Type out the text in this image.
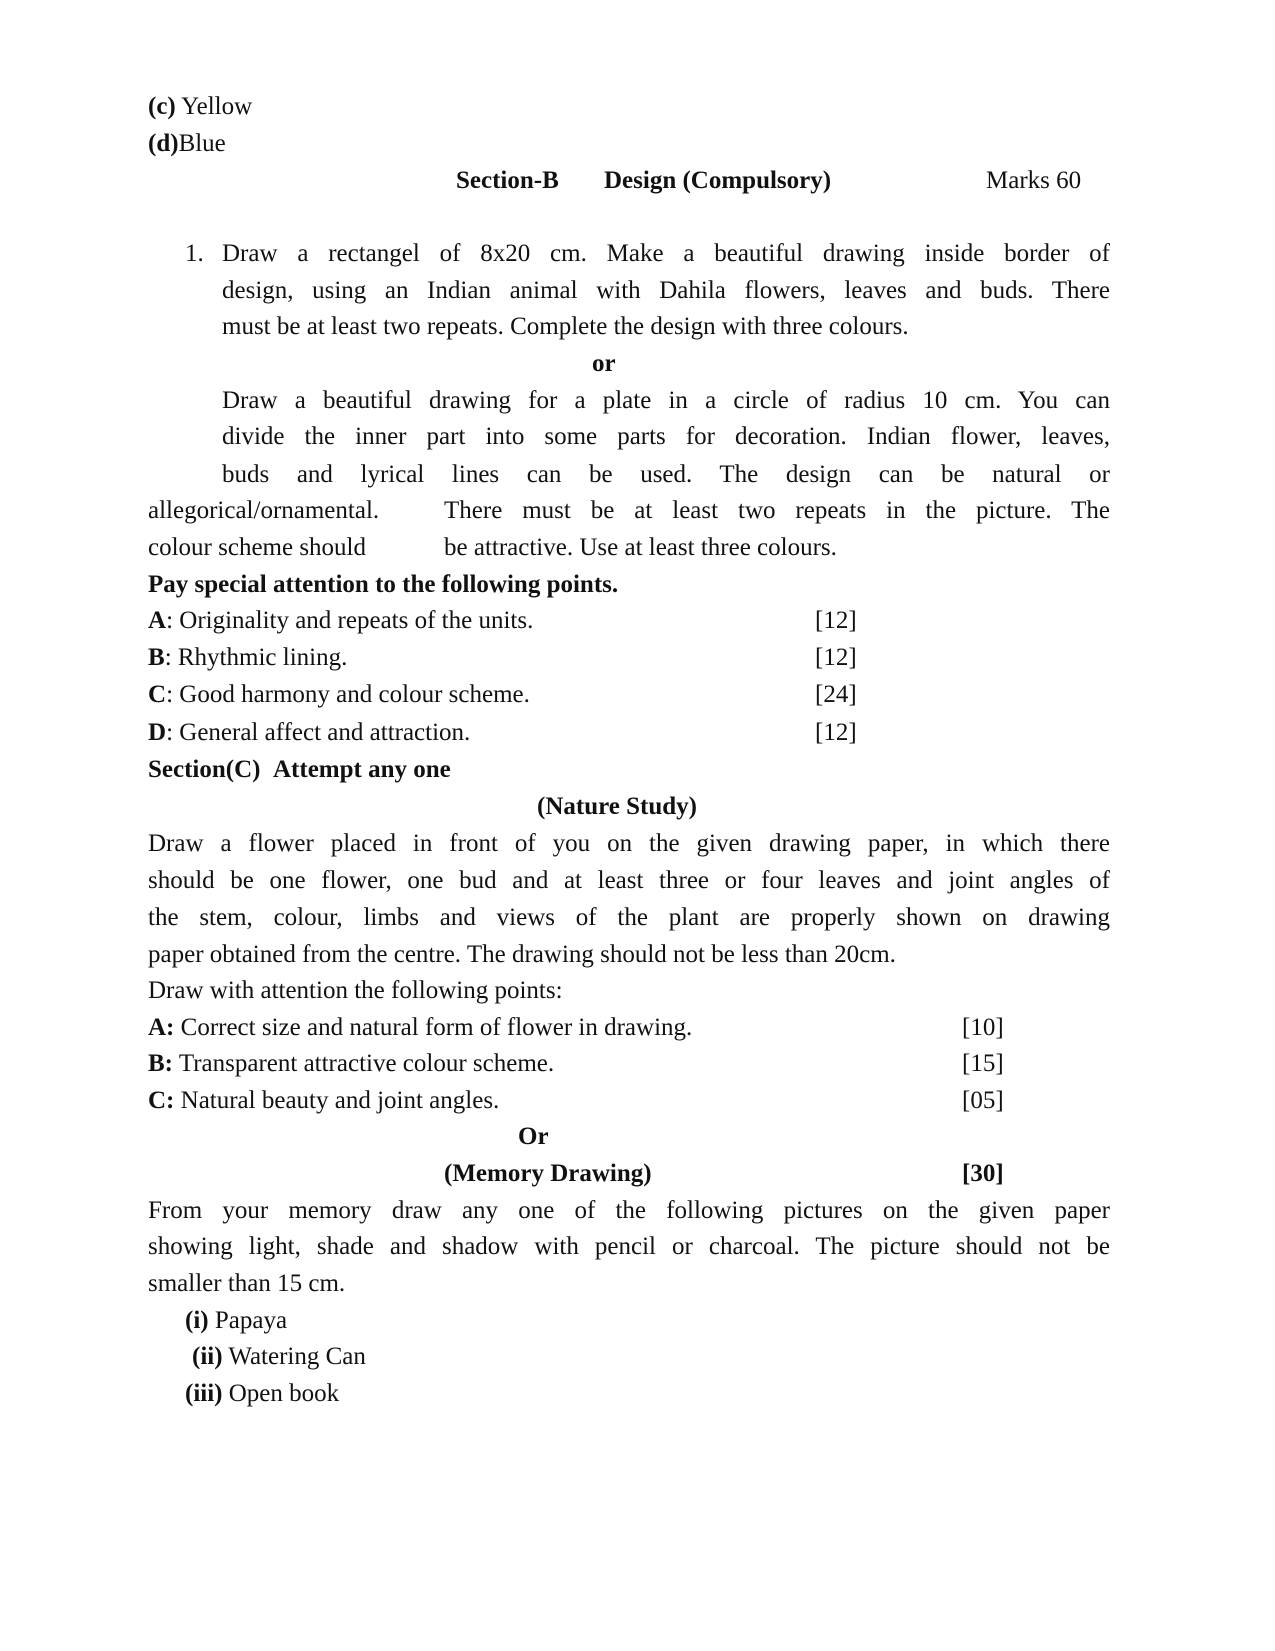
(c) Yellow
(d)Blue
Section-B Design (Compulsory)	Marks 60
1. Draw a rectangel of 8x20 cm. Make a beautiful drawing inside border of
design, using an Indian animal with Dahila flowers, leaves and buds. There
must be at least two repeats. Complete the design with three colours.
or
Draw a beautiful drawing for a plate in a circle of radius 10 cm. You can
divide the inner part into some parts for decoration. Indian flower, leaves,
buds and lyrical lines can be used. The design can be natural or
allegorical/ornamental.	There must be at least two repeats in the picture. The
colour scheme should	be attractive. Use at least three colours.
Pay special attention to the following points.
A: Originality and repeats of the units.	[12]
B: Rhythmic lining.	[12]
C: Good harmony and colour scheme.	[24]
D: General affect and attraction.	[12]
Section(C) Attempt any one
(Nature Study)
Draw a flower placed in front of you on the given drawing paper, in which there
should be one flower, one bud and at least three or four leaves and joint angles of
the stem, colour, limbs and views of the plant are properly shown on drawing
paper obtained from the centre. The drawing should not be less than 20cm.
Draw with attention the following points:
A: Correct size and natural form of flower in drawing.	[10]
B: Transparent attractive colour scheme.	[15]
C: Natural beauty and joint angles.	[05]
Or
(Memory Drawing)	[30]
From your memory draw any one of the following pictures on the given paper
showing light, shade and shadow with pencil or charcoal. The picture should not be
smaller than 15 cm.
(i) Papaya
(ii) Watering Can
(iii) Open book
